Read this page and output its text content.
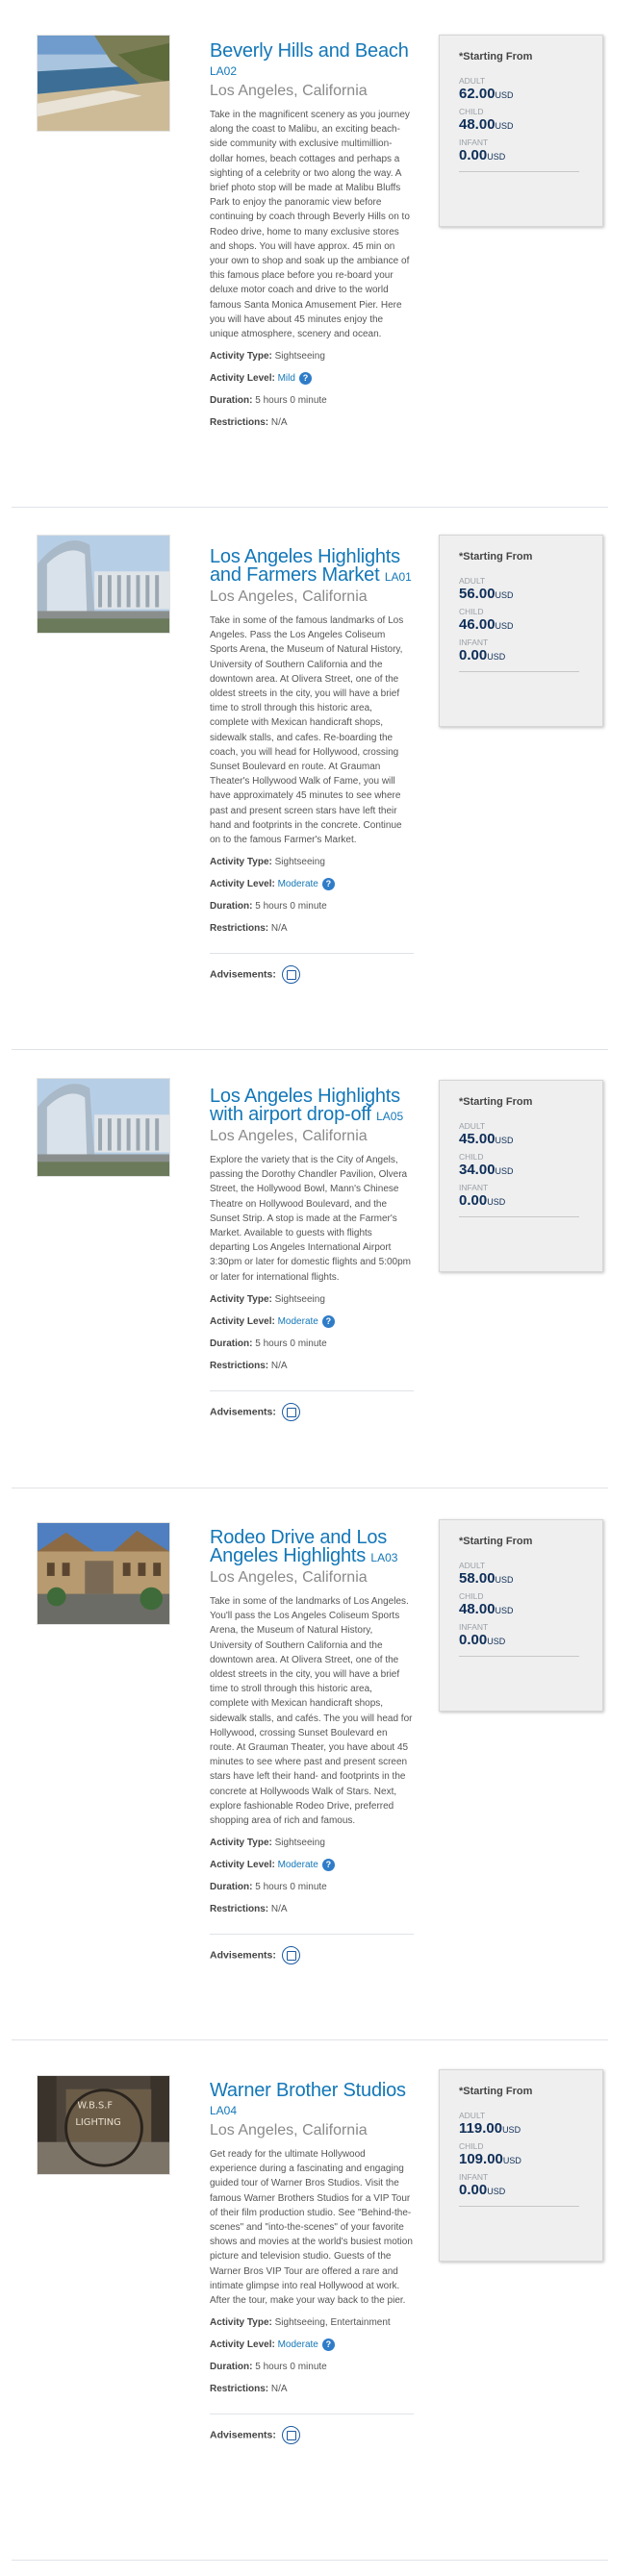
Beverly Hills and Beach LA02
Los Angeles, California

Take in the magnificent scenery as you journey along the coast to Malibu, an exciting beach-side community with exclusive multimillion-dollar homes, beach cottages and perhaps a sighting of a celebrity or two along the way. A brief photo stop will be made at Malibu Bluffs Park to enjoy the panoramic view before continuing by coach through Beverly Hills on to Rodeo drive, home to many exclusive stores and shops. You will have approx. 45 min on your own to shop and soak up the ambiance of this famous place before you re-board your deluxe motor coach and drive to the world famous Santa Monica Amusement Pier. Here you will have about 45 minutes enjoy the unique atmosphere, scenery and ocean.

Activity Type: Sightseeing
Activity Level: Mild ?
Duration: 5 hours 0 minute
Restrictions: N/A
*Starting From
ADULT
62.00USD
CHILD
48.00USD
INFANT
0.00USD
Los Angeles Highlights and Farmers Market LA01
Los Angeles, California

Take in some of the famous landmarks of Los Angeles. Pass the Los Angeles Coliseum Sports Arena, the Museum of Natural History, University of Southern California and the downtown area. At Olivera Street, one of the oldest streets in the city, you will have a brief time to stroll through this historic area, complete with Mexican handicraft shops, sidewalk stalls, and cafes. Re-boarding the coach, you will head for Hollywood, crossing Sunset Boulevard en route. At Grauman Theater's Hollywood Walk of Fame, you will have approximately 45 minutes to see where past and present screen stars have left their hand and footprints in the concrete. Continue on to the famous Farmer's Market.

Activity Type: Sightseeing
Activity Level: Moderate ?
Duration: 5 hours 0 minute
Restrictions: N/A
Advisements:
*Starting From
ADULT
56.00USD
CHILD
46.00USD
INFANT
0.00USD
Los Angeles Highlights with airport drop-off LA05
Los Angeles, California

Explore the variety that is the City of Angels, passing the Dorothy Chandler Pavilion, Olvera Street, the Hollywood Bowl, Mann's Chinese Theatre on Hollywood Boulevard, and the Sunset Strip. A stop is made at the Farmer's Market. Available to guests with flights departing Los Angeles International Airport 3:30pm or later for domestic flights and 5:00pm or later for international flights.

Activity Type: Sightseeing
Activity Level: Moderate ?
Duration: 5 hours 0 minute
Restrictions: N/A
Advisements:
*Starting From
ADULT
45.00USD
CHILD
34.00USD
INFANT
0.00USD
Rodeo Drive and Los Angeles Highlights LA03
Los Angeles, California

Take in some of the landmarks of Los Angeles. You'll pass the Los Angeles Coliseum Sports Arena, the Museum of Natural History, University of Southern California and the downtown area. At Olivera Street, one of the oldest streets in the city, you will have a brief time to stroll through this historic area, complete with Mexican handicraft shops, sidewalk stalls, and cafés. The you will head for Hollywood, crossing Sunset Boulevard en route. At Grauman Theater, you have about 45 minutes to see where past and present screen stars have left their hand- and footprints in the concrete at Hollywoods Walk of Stars. Next, explore fashionable Rodeo Drive, preferred shopping area of rich and famous.

Activity Type: Sightseeing
Activity Level: Moderate ?
Duration: 5 hours 0 minute
Restrictions: N/A
Advisements:
*Starting From
ADULT
58.00USD
CHILD
48.00USD
INFANT
0.00USD
W.B.S.F
LIGHTING
Warner Brother Studios LA04
Los Angeles, California

Get ready for the ultimate Hollywood experience during a fascinating and engaging guided tour of Warner Bros Studios. Visit the famous Warner Brothers Studios for a VIP Tour of their film production studio. See "Behind-the-scenes" and "into-the-scenes" of your favorite shows and movies at the world's busiest motion picture and television studio. Guests of the Warner Bros VIP Tour are offered a rare and intimate glimpse into real Hollywood at work. After the tour, make your way back to the pier.

Activity Type: Sightseeing, Entertainment
Activity Level: Moderate ?
Duration: 5 hours 0 minute
Restrictions: N/A
Advisements:
*Starting From
ADULT
119.00USD
CHILD
109.00USD
INFANT
0.00USD
